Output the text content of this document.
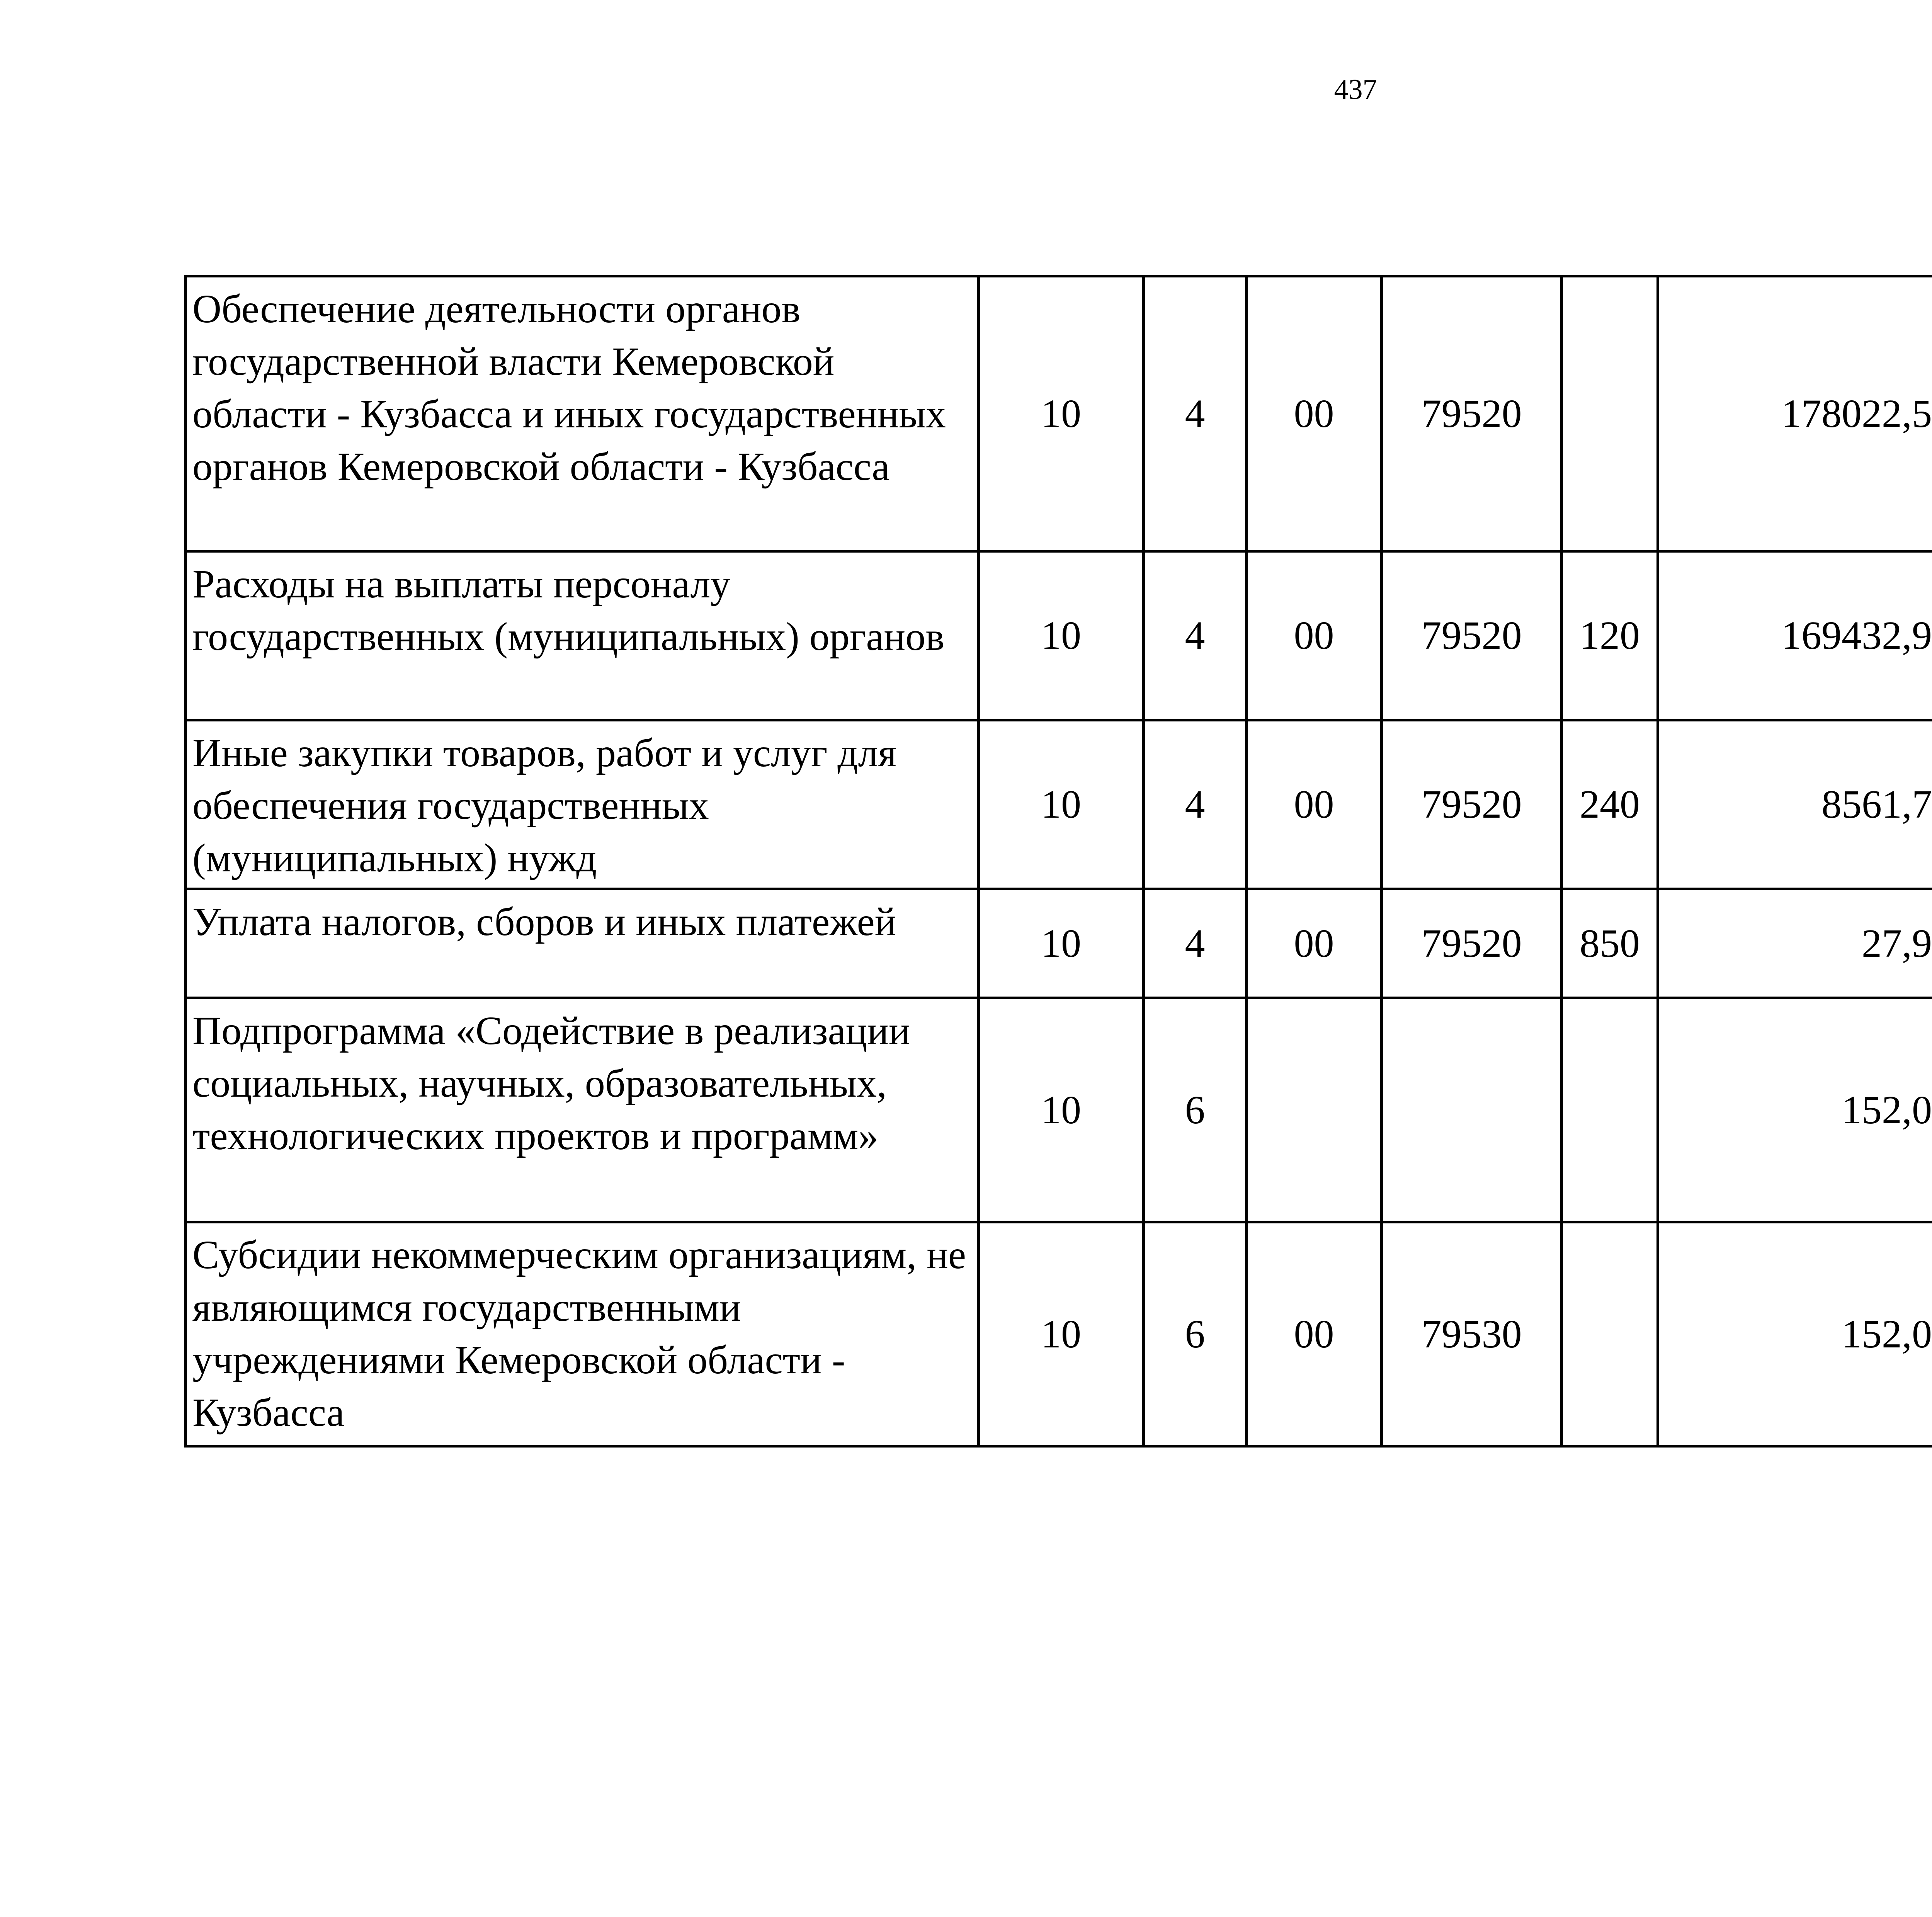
437
Обеспечение деятельности органов государственной власти Кемеровской области - Кузбасса и иных государственных органов Кемеровской области - Кузбасса	10	4	00	79520		178022,5		
Расходы на выплаты персоналу государственных (муниципальных) органов	10	4	00	79520	120	169432,9		
Иные закупки товаров, работ и услуг для обеспечения государственных (муниципальных) нужд	10	4	00	79520	240	8561,7		
Уплата налогов, сборов и иных платежей	10	4	00	79520	850	27,9		
Подпрограмма «Содействие в реализации социальных, научных, образовательных, технологических проектов и программ»	10	6				152,0		
Субсидии некоммерческим организациям, не являющимся государственными учреждениями Кемеровской области - Кузбасса	10	6	00	79530		152,0		
